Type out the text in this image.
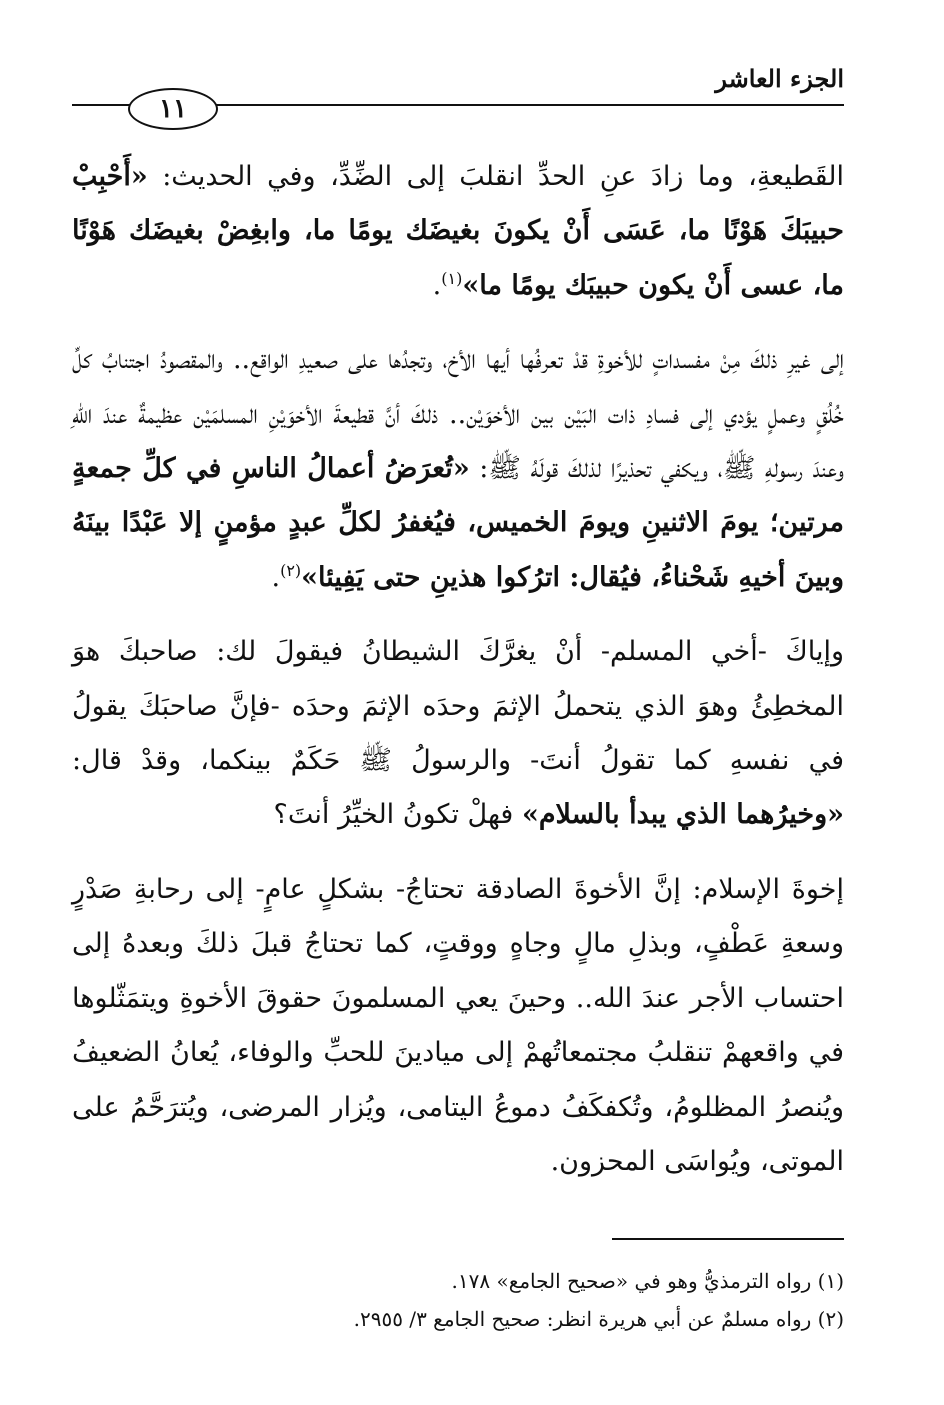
الجزء العاشر
١١

القَطيعةِ، وما زادَ عنِ الحدِّ انقلبَ إلى الضِّدِّ، وفي الحديث: «أَحْبِبْ حبيبَكَ هَوْنًا ما، عَسَى أَنْ يكونَ بغيضَك يومًا ما، وابغِضْ بغيضَك هَوْنًا ما، عسى أَنْ يكون حبيبَك يومًا ما»$^{(١)}$.

إلى غيرِ ذلكَ مِنْ مفسداتٍ للأخوةِ قدْ تعرفُها أيها الأخ، وتجدُها على صعيدِ الواقع.. والمقصودُ اجتنابُ كلِّ خُلُقٍ وعملٍ يؤدي إلى فسادِ ذات البَيْن بين الأخوَيْن.. ذلكَ أنَّ قطيعةَ الأخوَيْنِ المسلمَيْن عظيمةٌ عندَ اللهِ وعندَ رسولهِ ﷺ، ويكفي تحذيرًا لذلكَ قولَهُ ﷺ: «تُعرَضُ أعمالُ الناسِ في كلِّ جمعةٍ مرتين؛ يومَ الاثنينِ ويومَ الخميس، فيُغفرُ لكلِّ عبدٍ مؤمنٍ إلا عَبْدًا بينَهُ وبينَ أخيهِ شَحْناءُ، فيُقال: اترُكوا هذينِ حتى يَفِيئا»$^{(٢)}$.

وإياكَ -أخي المسلم- أنْ يغرَّكَ الشيطانُ فيقولَ لك: صاحبكَ هوَ المخطِئُ وهوَ الذي يتحملُ الإثمَ وحدَه الإثمَ وحدَه -فإنَّ صاحبَكَ يقولُ في نفسهِ كما تقولُ أنتَ- والرسولُ ﷺ حَكَمٌ بينكما، وقدْ قال: «وخيرُهما الذي يبدأ بالسلام» فهلْ تكونُ الخيِّرُ أنتَ؟

إخوةَ الإسلام: إنَّ الأخوةَ الصادقة تحتاجُ- بشكلٍ عامٍ- إلى رحابةِ صَدْرٍ وسعةِ عَطْفٍ، وبذلِ مالٍ وجاهٍ ووقتٍ، كما تحتاجُ قبلَ ذلكَ وبعدهُ إلى احتساب الأجر عندَ الله.. وحينَ يعي المسلمونَ حقوقَ الأخوةِ ويتمَثّلوها في واقعهمْ تنقلبُ مجتمعاتُهمْ إلى ميادينَ للحبِّ والوفاء، يُعانُ الضعيفُ ويُنصرُ المظلومُ، وتُكفكَفُ دموعُ اليتامى، ويُزار المرضى، ويُترَحَّمُ على الموتى، ويُواسَى المحزون.

(١) رواه الترمذيُّ وهو في «صحيح الجامع» ١٧٨.
(٢) رواه مسلمٌ عن أبي هريرة انظر: صحيح الجامع ٣/ ٢٩٥٥.
